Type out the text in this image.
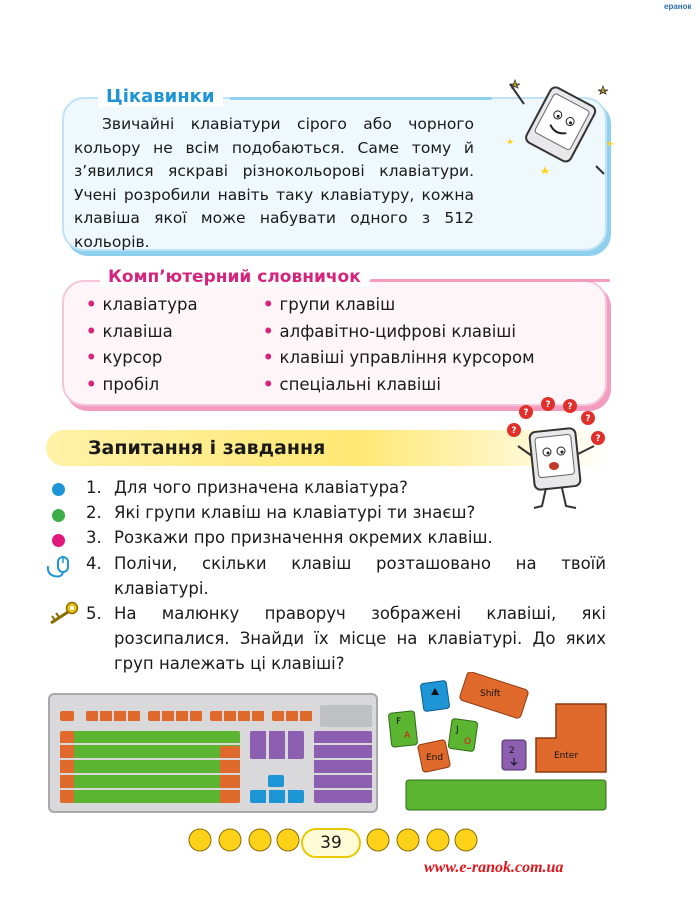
eранок
Цікавинки

Звичайні клавіатури сірого або чорного кольору не всім подобаються. Саме тому й з’явилися яскраві різнокольорові клавіатури. Учені розробили навіть таку клавіатуру, кожна клавіша якої може набувати одного з 512 кольорів.

Комп’ютерний словничок
• клавіатура
• клавіша
• курсор
• пробіл
• групи клавіш
• алфавітно-цифрові клавіші
• клавіші управління курсором
• спеціальні клавіші
Запитання і завдання
?
?
? ?
?
?
1. Для чого призначена клавіатура?
2. Які групи клавіш на клавіатурі ти знаєш?
3. Розкажи про призначення окремих клавіш.
4. Полічи, скільки клавіш розташовано на твоїй клавіатурі.
5. На малюнку праворуч зображені клавіші, які розсипалися. Знайди їх місце на клавіатурі. До яких груп належать ці клавіші?
Shift
F
A
J
O
End
2	Enter
39
www.e-ranok.com.ua
